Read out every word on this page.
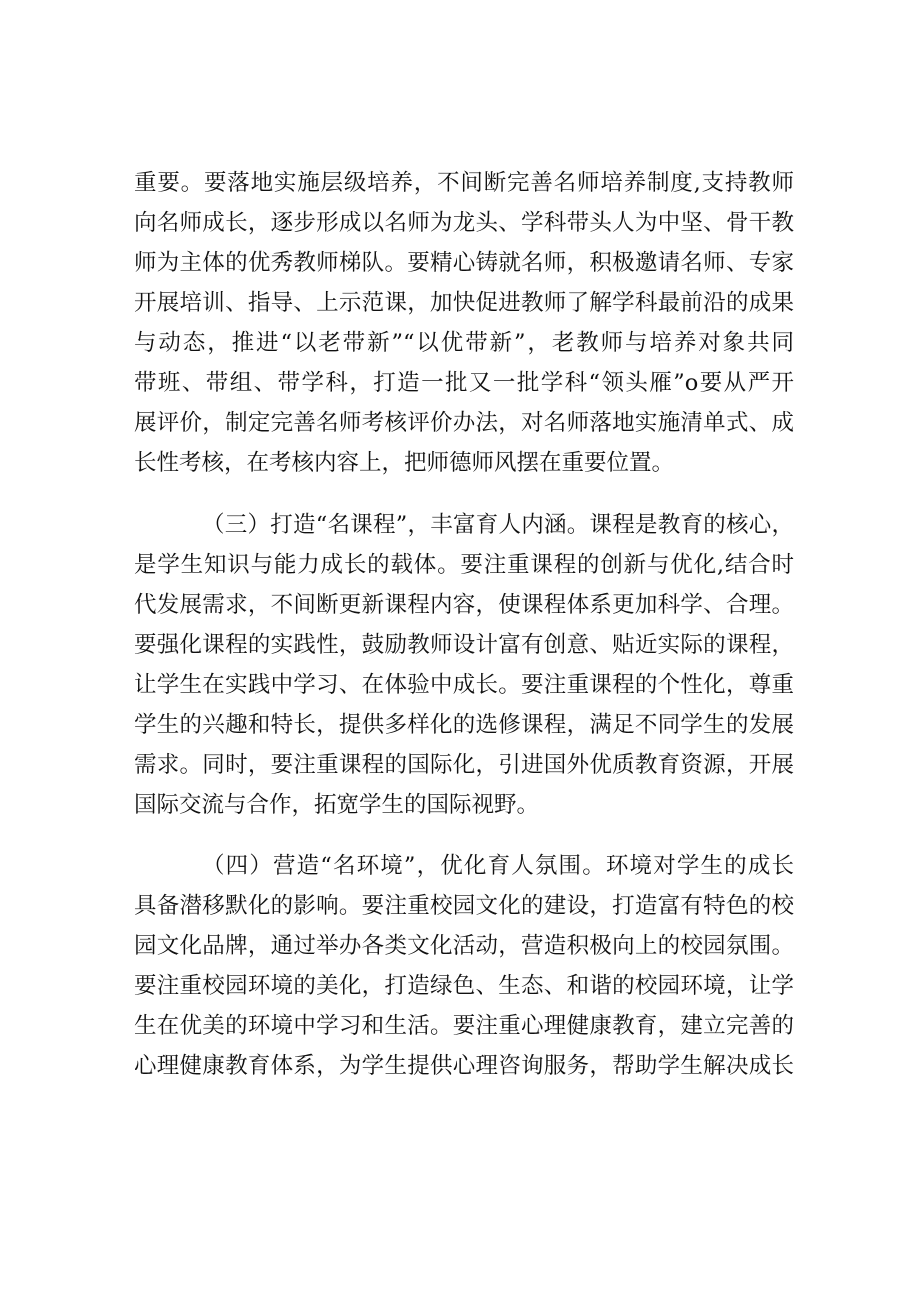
重要。要落地实施层级培养，不间断完善名师培养制度,支持教师
向名师成长，逐步形成以名师为龙头、学科带头人为中坚、骨干教
师为主体的优秀教师梯队。要精心铸就名师，积极邀请名师、专家
开展培训、指导、上示范课，加快促进教师了解学科最前沿的成果
与动态，推进“以老带新”“以优带新”，老教师与培养对象共同
带班、带组、带学科，打造一批又一批学科“领头雁”o要从严开
展评价，制定完善名师考核评价办法，对名师落地实施清单式、成
长性考核，在考核内容上，把师德师风摆在重要位置。
（三）打造“名课程”，丰富育人内涵。课程是教育的核心，
是学生知识与能力成长的载体。要注重课程的创新与优化,结合时
代发展需求，不间断更新课程内容，使课程体系更加科学、合理。
要强化课程的实践性，鼓励教师设计富有创意、贴近实际的课程，
让学生在实践中学习、在体验中成长。要注重课程的个性化，尊重
学生的兴趣和特长，提供多样化的选修课程，满足不同学生的发展
需求。同时，要注重课程的国际化，引进国外优质教育资源，开展
国际交流与合作，拓宽学生的国际视野。
（四）营造“名环境”，优化育人氛围。环境对学生的成长
具备潜移默化的影响。要注重校园文化的建设，打造富有特色的校
园文化品牌，通过举办各类文化活动，营造积极向上的校园氛围。
要注重校园环境的美化，打造绿色、生态、和谐的校园环境，让学
生在优美的环境中学习和生活。要注重心理健康教育，建立完善的
心理健康教育体系，为学生提供心理咨询服务，帮助学生解决成长
